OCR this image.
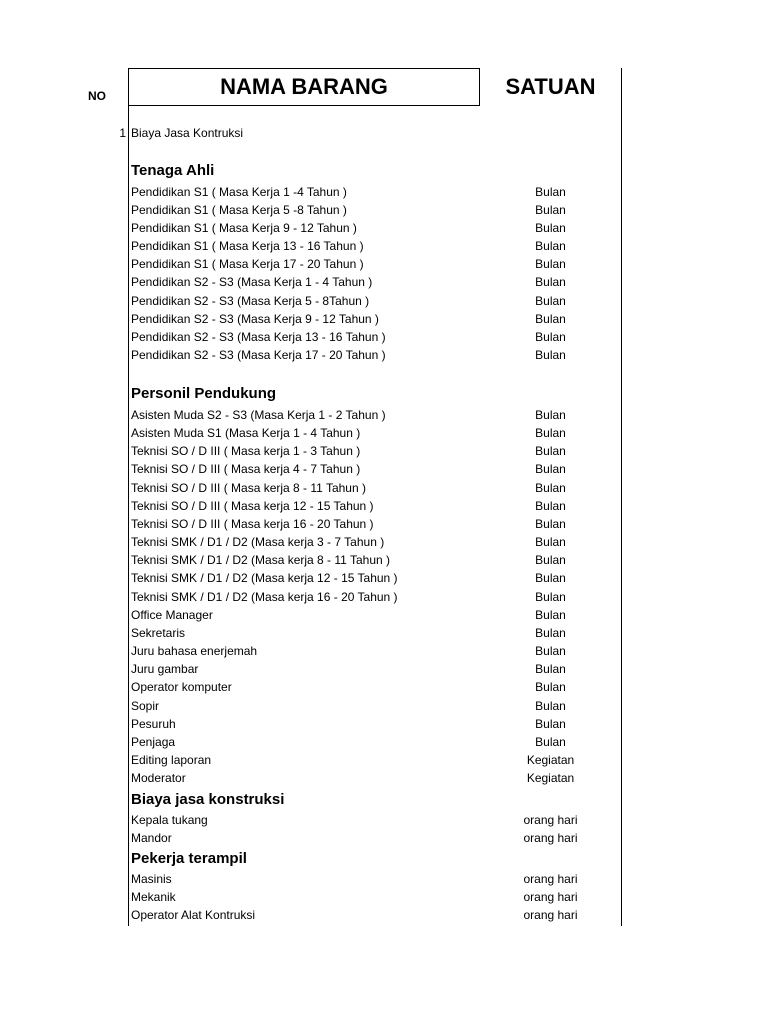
NO	NAMA BARANG	SATUAN
1 Biaya Jasa Kontruksi
Tenaga Ahli
Pendidikan S1 ( Masa Kerja 1 -4 Tahun )	Bulan
Pendidikan S1 ( Masa Kerja 5 -8 Tahun )	Bulan
Pendidikan S1 ( Masa Kerja 9 - 12 Tahun )	Bulan
Pendidikan S1 ( Masa Kerja 13 - 16 Tahun )	Bulan
Pendidikan S1 ( Masa Kerja 17 - 20 Tahun )	Bulan
Pendidikan S2 - S3 (Masa Kerja 1 - 4 Tahun )	Bulan
Pendidikan S2 - S3 (Masa Kerja 5 - 8Tahun )	Bulan
Pendidikan S2 - S3 (Masa Kerja 9 - 12 Tahun )	Bulan
Pendidikan S2 - S3 (Masa Kerja 13 - 16 Tahun )	Bulan
Pendidikan S2 - S3 (Masa Kerja 17 - 20 Tahun )	Bulan
Personil Pendukung
Asisten Muda S2 - S3 (Masa Kerja 1 - 2 Tahun )	Bulan
Asisten Muda S1 (Masa Kerja 1 - 4 Tahun )	Bulan
Teknisi SO / D III ( Masa kerja 1 - 3 Tahun )	Bulan
Teknisi SO / D III ( Masa kerja 4 - 7 Tahun )	Bulan
Teknisi SO / D III ( Masa kerja 8 - 11 Tahun )	Bulan
Teknisi SO / D III ( Masa kerja 12 - 15 Tahun )	Bulan
Teknisi SO / D III ( Masa kerja 16 - 20 Tahun )	Bulan
Teknisi SMK / D1 / D2 (Masa kerja 3 - 7 Tahun )	Bulan
Teknisi SMK / D1 / D2 (Masa kerja 8 - 11 Tahun )	Bulan
Teknisi SMK / D1 / D2 (Masa kerja 12 - 15 Tahun )	Bulan
Teknisi SMK / D1 / D2 (Masa kerja 16 - 20 Tahun )	Bulan
Office Manager	Bulan
Sekretaris	Bulan
Juru bahasa enerjemah	Bulan
Juru gambar	Bulan
Operator komputer	Bulan
Sopir	Bulan
Pesuruh	Bulan
Penjaga	Bulan
Editing laporan	Kegiatan
Moderator	Kegiatan
Biaya jasa konstruksi
Kepala tukang	orang hari
Mandor	orang hari
Pekerja terampil
Masinis	orang hari
Mekanik	orang hari
Operator Alat Kontruksi	orang hari
